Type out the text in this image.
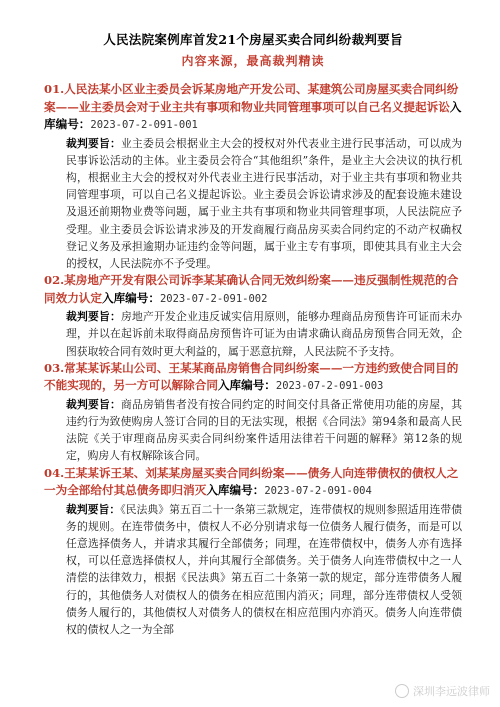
人民法院案例库首发21个房屋买卖合同纠纷裁判要旨
内容来源，最高裁判精读

01.人民法某小区业主委员会诉某房地产开发公司、某建筑公司房屋买卖合同纠纷案——业主委员会对于业主共有事项和物业共同管理事项可以自己名义提起诉讼入库编号：2023-07-2-091-001

裁判要旨：业主委员会根据业主大会的授权对外代表业主进行民事活动，可以成为民事诉讼活动的主体。业主委员会符合“其他组织”条件，是业主大会决议的执行机构，根据业主大会的授权对外代表业主进行民事活动，对于业主共有事项和物业共同管理事项，可以自己名义提起诉讼。业主委员会诉讼请求涉及的配套设施未建设及退还前期物业费等问题，属于业主共有事项和物业共同管理事项，人民法院应予受理。业主委员会诉讼请求涉及的开发商履行商品房买卖合同约定的不动产权确权登记义务及承担逾期办证违约金等问题，属于业主专有事项，即使其具有业主大会的授权，人民法院亦不予受理。

02.某房地产开发有限公司诉李某某确认合同无效纠纷案——违反强制性规范的合同效力认定入库编号：2023-07-2-091-002

裁判要旨：房地产开发企业违反诚实信用原则，能够办理商品房预售许可证而未办理，并以在起诉前未取得商品房预售许可证为由请求确认商品房预售合同无效，企图获取较合同有效时更大利益的，属于恶意抗辩，人民法院不予支持。

03.常某某诉某山公司、王某某商品房销售合同纠纷案——一方违约致使合同目的不能实现的，另一方可以解除合同入库编号：2023-07-2-091-003

裁判要旨：商品房销售者没有按合同约定的时间交付具备正常使用功能的房屋，其违约行为致使购房人签订合同的目的无法实现，根据《合同法》第94条和最高人民法院《关于审理商品房买卖合同纠纷案件适用法律若干问题的解释》第12条的规定，购房人有权解除该合同。

04.王某某诉王某、刘某某房屋买卖合同纠纷案——债务人向连带债权的债权人之一为全部给付其总债务即归消灭入库编号：2023-07-2-091-004

裁判要旨：《民法典》第五百二十一条第三款规定，连带债权的规则参照适用连带债务的规则。在连带债务中，债权人不必分别请求每一位债务人履行债务，而是可以任意选择债务人，并请求其履行全部债务；同理，在连带债权中，债务人亦有选择权，可以任意选择债权人，并向其履行全部债务。关于债务人向连带债权中之一人清偿的法律效力，根据《民法典》第五百二十条第一款的规定，部分连带债务人履行的，其他债务人对债权人的债务在相应范围内消灭；同理，部分连带债权人受领债务人履行的，其他债权人对债务人的债权在相应范围内亦消灭。债务人向连带债权的债权人之一为全部

深圳李远波律师
